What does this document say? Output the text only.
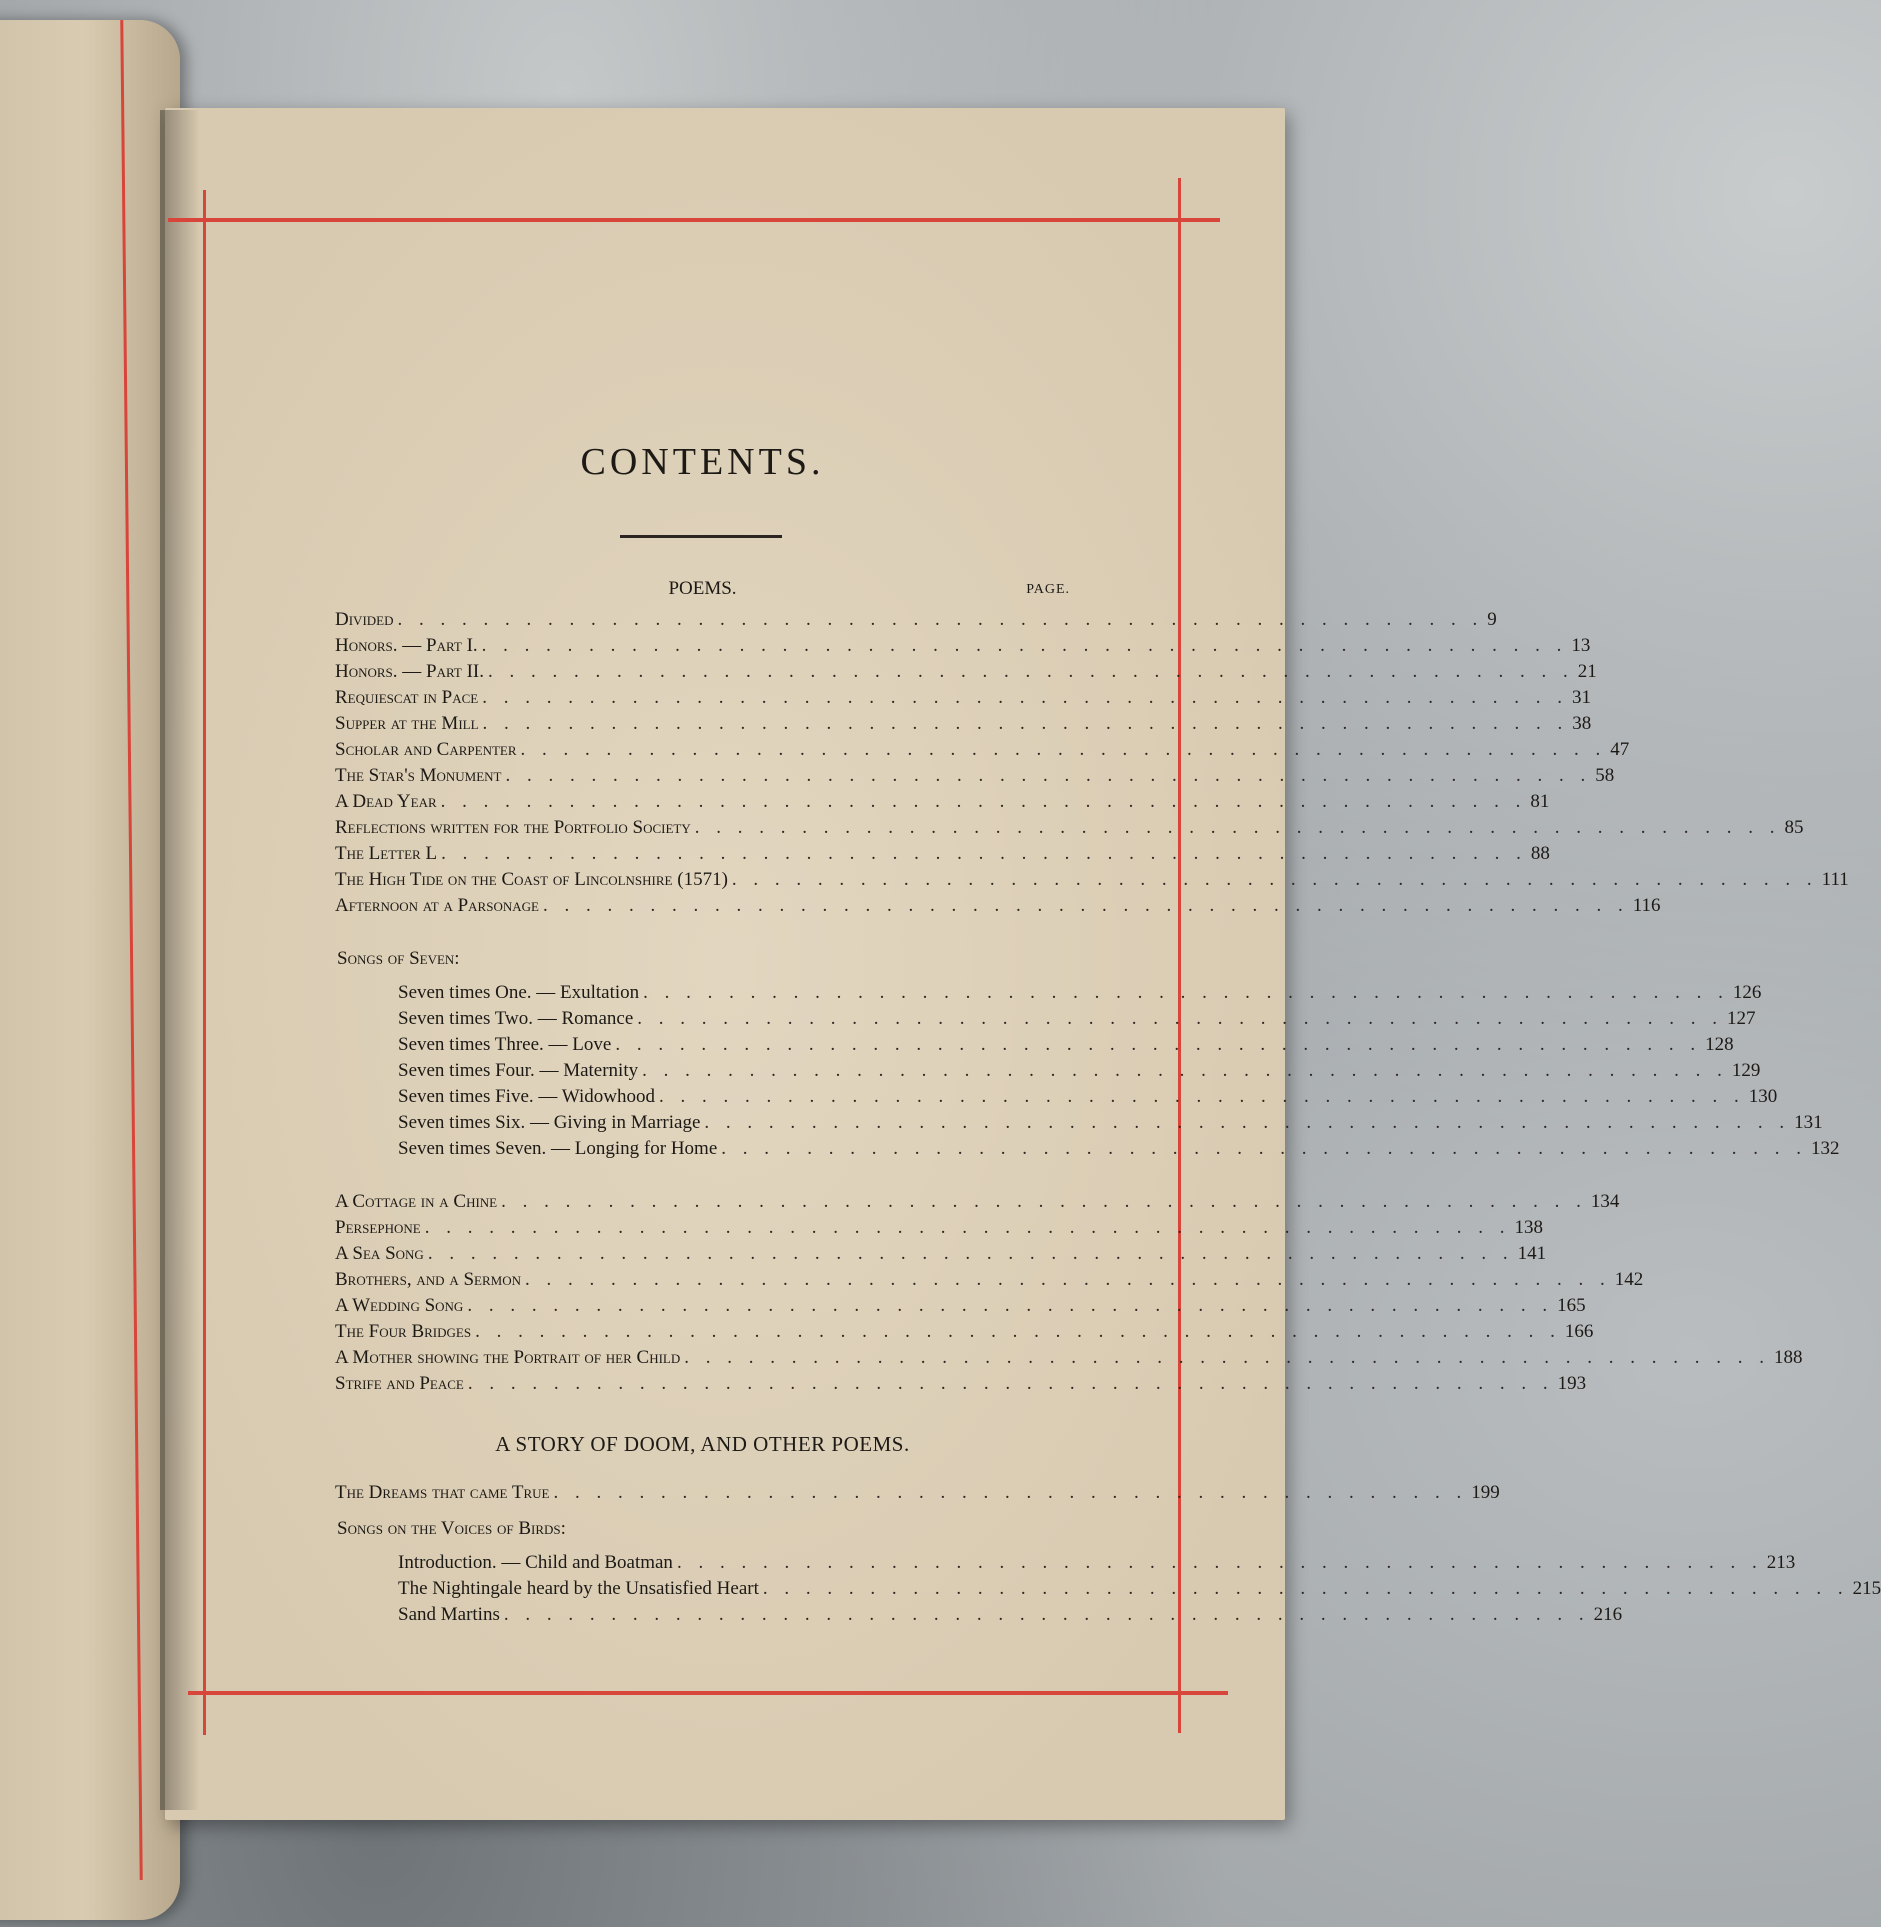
CONTENTS.
POEMS.	PAGE.
Divided . . . . . . . . . . . . . . . . . . . . . . . . . . . . . . . . . . . . . . . . . . . . . . . . . . . 9
Honors. — Part I. . . . . . . . . . . . . . . . . . . . . . . . . . . . . . . . . . . . . . . . . . . . . . . . . . . . 13
Honors. — Part II. . . . . . . . . . . . . . . . . . . . . . . . . . . . . . . . . . . . . . . . . . . . . . . . . . . . 21
Requiescat in Pace . . . . . . . . . . . . . . . . . . . . . . . . . . . . . . . . . . . . . . . . . . . . . . . . . . . 31
Supper at the Mill . . . . . . . . . . . . . . . . . . . . . . . . . . . . . . . . . . . . . . . . . . . . . . . . . . . 38
Scholar and Carpenter . . . . . . . . . . . . . . . . . . . . . . . . . . . . . . . . . . . . . . . . . . . . . . . . . . . 47
The Star's Monument . . . . . . . . . . . . . . . . . . . . . . . . . . . . . . . . . . . . . . . . . . . . . . . . . . . 58
A Dead Year . . . . . . . . . . . . . . . . . . . . . . . . . . . . . . . . . . . . . . . . . . . . . . . . . . . 81
Reflections written for the Portfolio Society . . . . . . . . . . . . . . . . . . . . . . . . . . . . . . . . . . . . . . . . . . . . . . . . . . . 85
The Letter L . . . . . . . . . . . . . . . . . . . . . . . . . . . . . . . . . . . . . . . . . . . . . . . . . . . 88
The High Tide on the Coast of Lincolnshire (1571) . . . . . . . . . . . . . . . . . . . . . . . . . . . . . . . . . . . . . . . . . . . . . . . . . . . 111
Afternoon at a Parsonage . . . . . . . . . . . . . . . . . . . . . . . . . . . . . . . . . . . . . . . . . . . . . . . . . . . 116
Songs of Seven:
Seven times One. — Exultation . . . . . . . . . . . . . . . . . . . . . . . . . . . . . . . . . . . . . . . . . . . . . . . . . . . 126
Seven times Two. — Romance . . . . . . . . . . . . . . . . . . . . . . . . . . . . . . . . . . . . . . . . . . . . . . . . . . . 127
Seven times Three. — Love . . . . . . . . . . . . . . . . . . . . . . . . . . . . . . . . . . . . . . . . . . . . . . . . . . . 128
Seven times Four. — Maternity . . . . . . . . . . . . . . . . . . . . . . . . . . . . . . . . . . . . . . . . . . . . . . . . . . . 129
Seven times Five. — Widowhood . . . . . . . . . . . . . . . . . . . . . . . . . . . . . . . . . . . . . . . . . . . . . . . . . . . 130
Seven times Six. — Giving in Marriage . . . . . . . . . . . . . . . . . . . . . . . . . . . . . . . . . . . . . . . . . . . . . . . . . . . 131
Seven times Seven. — Longing for Home . . . . . . . . . . . . . . . . . . . . . . . . . . . . . . . . . . . . . . . . . . . . . . . . . . . 132
A Cottage in a Chine . . . . . . . . . . . . . . . . . . . . . . . . . . . . . . . . . . . . . . . . . . . . . . . . . . . 134
Persephone . . . . . . . . . . . . . . . . . . . . . . . . . . . . . . . . . . . . . . . . . . . . . . . . . . . 138
A Sea Song . . . . . . . . . . . . . . . . . . . . . . . . . . . . . . . . . . . . . . . . . . . . . . . . . . . 141
Brothers, and a Sermon . . . . . . . . . . . . . . . . . . . . . . . . . . . . . . . . . . . . . . . . . . . . . . . . . . . 142
A Wedding Song . . . . . . . . . . . . . . . . . . . . . . . . . . . . . . . . . . . . . . . . . . . . . . . . . . . 165
The Four Bridges . . . . . . . . . . . . . . . . . . . . . . . . . . . . . . . . . . . . . . . . . . . . . . . . . . . 166
A Mother showing the Portrait of her Child . . . . . . . . . . . . . . . . . . . . . . . . . . . . . . . . . . . . . . . . . . . . . . . . . . . 188
Strife and Peace . . . . . . . . . . . . . . . . . . . . . . . . . . . . . . . . . . . . . . . . . . . . . . . . . . . 193
A STORY OF DOOM, AND OTHER POEMS.
The Dreams that came True . . . . . . . . . . . . . . . . . . . . . . . . . . . . . . . . . . . . . . . . . . . 199
Songs on the Voices of Birds:
Introduction. — Child and Boatman . . . . . . . . . . . . . . . . . . . . . . . . . . . . . . . . . . . . . . . . . . . . . . . . . . . 213
The Nightingale heard by the Unsatisfied Heart . . . . . . . . . . . . . . . . . . . . . . . . . . . . . . . . . . . . . . . . . . . . . . . . . . . 215
Sand Martins . . . . . . . . . . . . . . . . . . . . . . . . . . . . . . . . . . . . . . . . . . . . . . . . . . . 216
